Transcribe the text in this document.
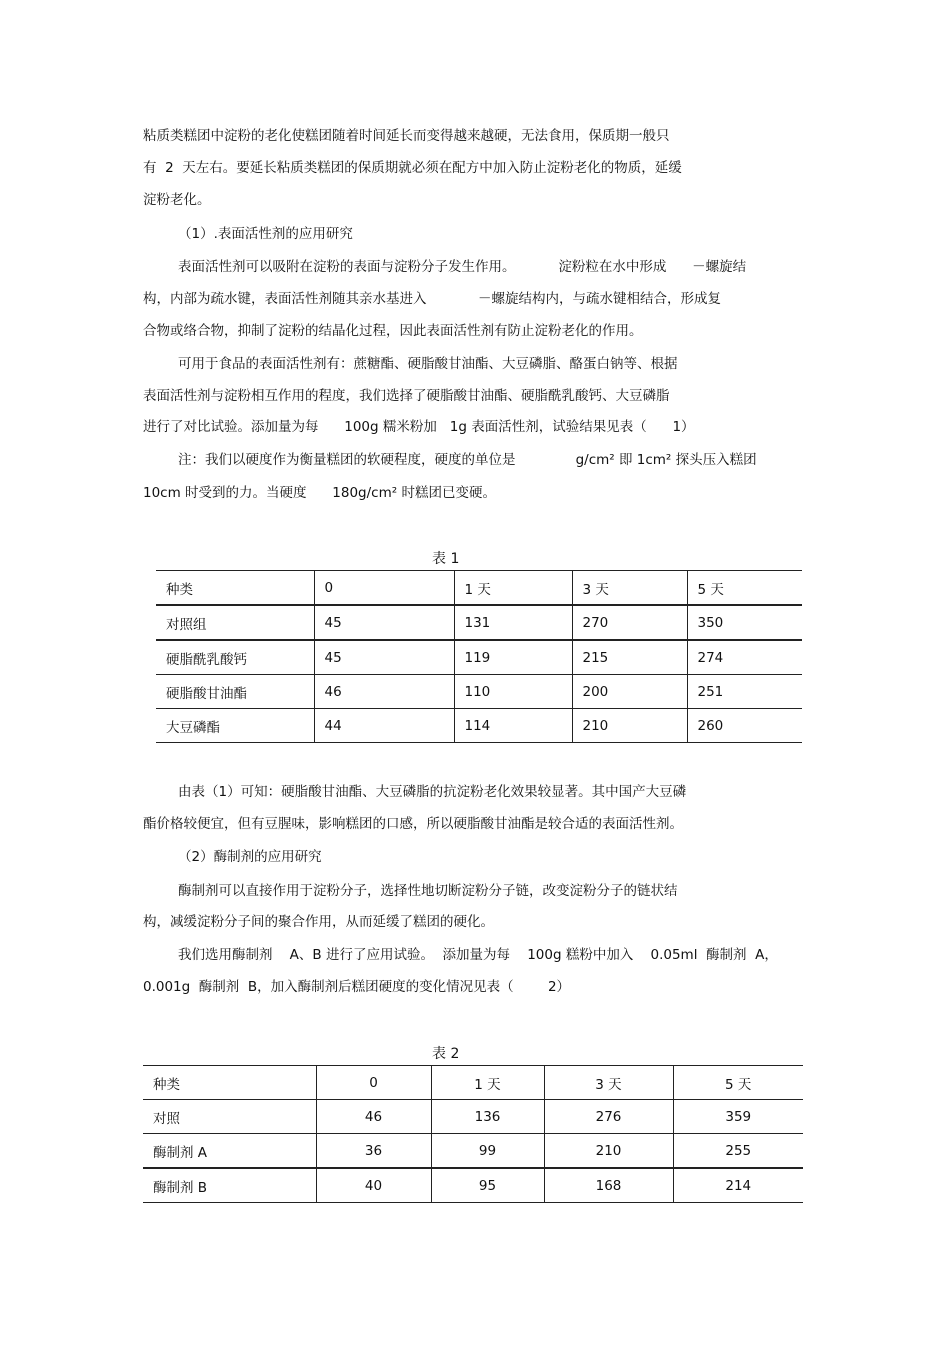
粘质类糕团中淀粉的老化使糕团随着时间延长而变得越来越硬，无法食用，保质期一般只
有  2  天左右。要延长粘质类糕团的保质期就必须在配方中加入防止淀粉老化的物质，延缓
淀粉老化。
（1）.表面活性剂的应用研究
表面活性剂可以吸附在淀粉的表面与淀粉分子发生作用。          淀粉粒在水中形成      －螺旋结
构，内部为疏水键，表面活性剂随其亲水基进入            －螺旋结构内，与疏水键相结合，形成复
合物或络合物，抑制了淀粉的结晶化过程，因此表面活性剂有防止淀粉老化的作用。
可用于食品的表面活性剂有：蔗糖酯、硬脂酸甘油酯、大豆磷脂、酪蛋白钠等、根据
表面活性剂与淀粉相互作用的程度，我们选择了硬脂酸甘油酯、硬脂酰乳酸钙、大豆磷脂
进行了对比试验。添加量为每      100g 糯米粉加   1g 表面活性剂，试验结果见表（      1）
注：我们以硬度作为衡量糕团的软硬程度，硬度的单位是              g/cm² 即 1cm² 探头压入糕团
10cm 时受到的力。当硬度      180g/cm² 时糕团已变硬。
表 1
种类	0	1 天	3 天	5 天
对照组	45	131	270	350
硬脂酰乳酸钙	45	119	215	274
硬脂酸甘油酯	46	110	200	251
大豆磷酯	44	114	210	260
由表（1）可知：硬脂酸甘油酯、大豆磷脂的抗淀粉老化效果较显著。其中国产大豆磷
酯价格较便宜，但有豆腥味，影响糕团的口感，所以硬脂酸甘油酯是较合适的表面活性剂。
（2）酶制剂的应用研究
酶制剂可以直接作用于淀粉分子，选择性地切断淀粉分子链，改变淀粉分子的链状结
构，减缓淀粉分子间的聚合作用，从而延缓了糕团的硬化。
我们选用酶制剂    A、B 进行了应用试验。  添加量为每    100g 糕粉中加入    0.05ml  酶制剂  A，
0.001g  酶制剂  B，加入酶制剂后糕团硬度的变化情况见表（        2）
表 2
种类	0	1 天	3 天	5 天
对照	46	136	276	359
酶制剂 A	36	99	210	255
酶制剂 B	40	95	168	214
